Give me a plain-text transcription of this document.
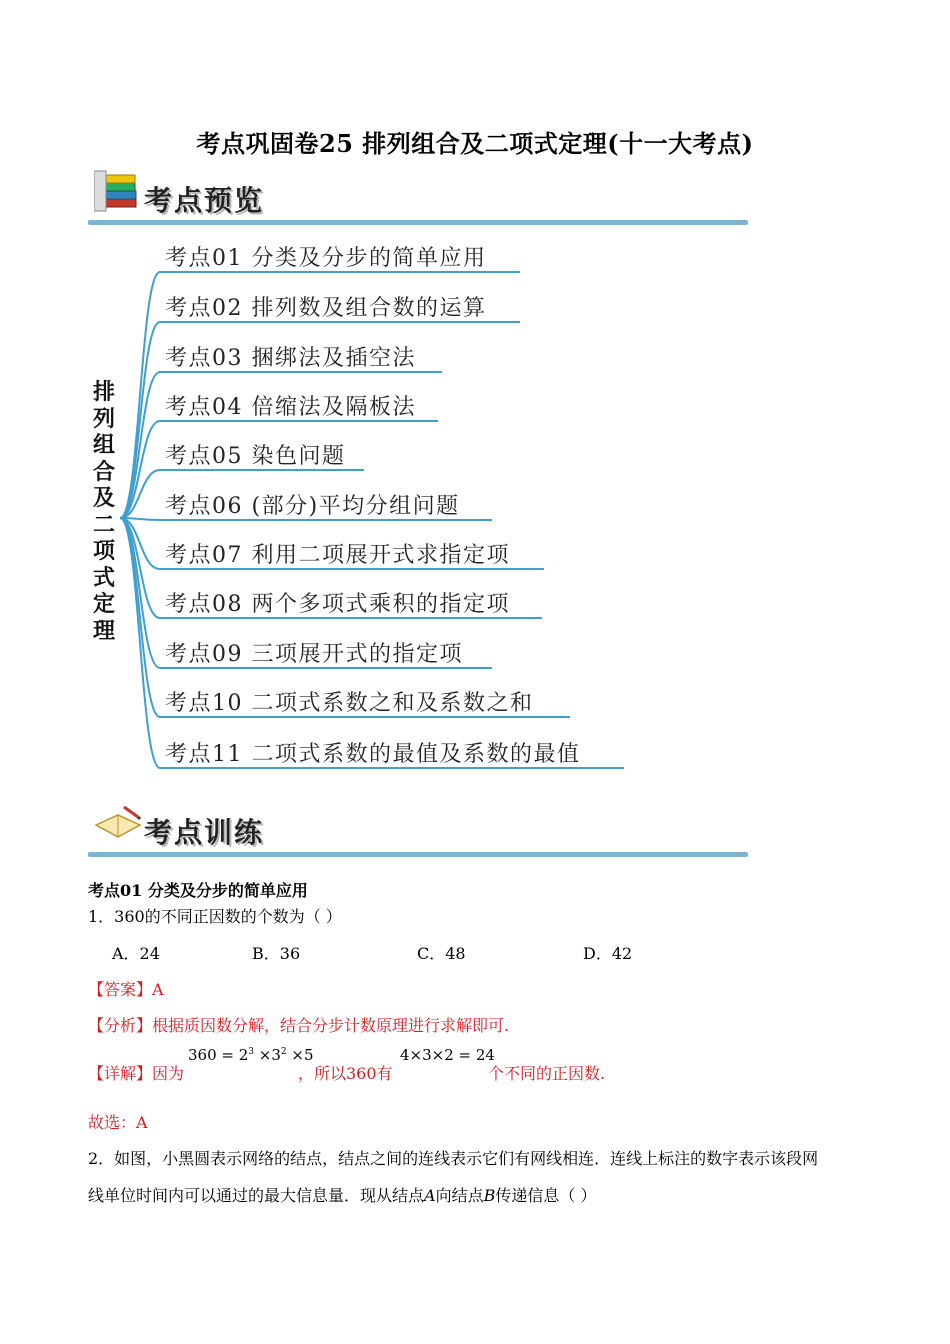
考点巩固卷25 排列组合及二项式定理(十一大考点)
考点预览
排
列
组
合
及
二
项
式
定
理
考点01 分类及分步的简单应用
考点02 排列数及组合数的运算
考点03 捆绑法及插空法
考点04 倍缩法及隔板法
考点05 染色问题
考点06 (部分)平均分组问题
考点07 利用二项展开式求指定项
考点08 两个多项式乘积的指定项
考点09 三项展开式的指定项
考点10 二项式系数之和及系数之和
考点11 二项式系数的最值及系数的最值
考点训练
考点01 分类及分步的简单应用
1．360的不同正因数的个数为（ ）
A．24	B．36	C．48	D．42
【答案】A
【分析】根据质因数分解，结合分步计数原理进行求解即可.
【详解】因为
$360 = 2^3 \times 3^2 \times 5$
，所以360有
4×3×2 = 24
个不同的正因数.
故选：A
2．如图，小黑圆表示网络的结点，结点之间的连线表示它们有网线相连．连线上标注的数字表示该段网
线单位时间内可以通过的最大信息量．现从结点A向结点B传递信息（ ）
